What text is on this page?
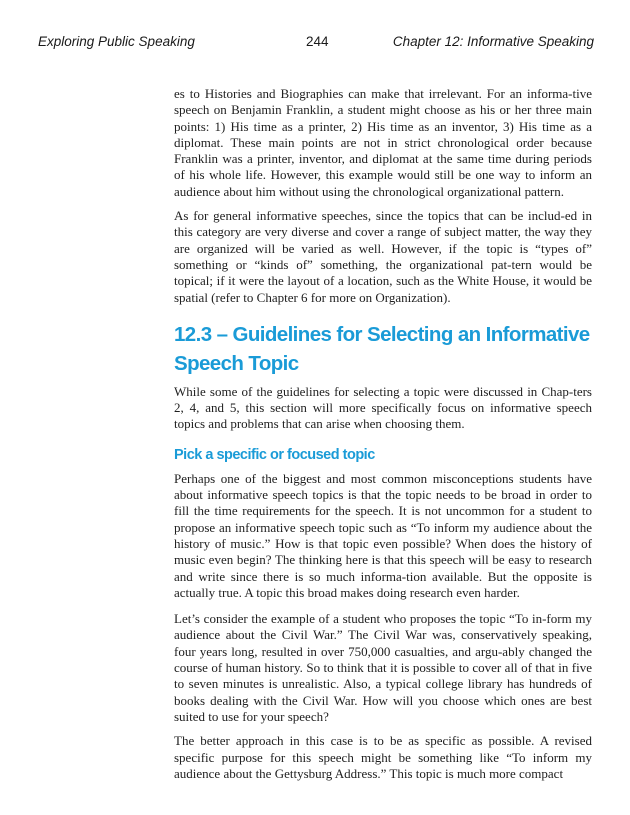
Exploring Public Speaking	244	Chapter 12: Informative Speaking

es to Histories and Biographies can make that irrelevant. For an informa-tive speech on Benjamin Franklin, a student might choose as his or her three main points: 1) His time as a printer, 2) His time as an inventor, 3) His time as a diplomat. These main points are not in strict chronological order because Franklin was a printer, inventor, and diplomat at the same time during periods of his whole life. However, this example would still be one way to inform an audience about him without using the chronological organizational pattern.

As for general informative speeches, since the topics that can be includ-ed in this category are very diverse and cover a range of subject matter, the way they are organized will be varied as well. However, if the topic is “types of” something or “kinds of” something, the organizational pat-tern would be topical; if it were the layout of a location, such as the White House, it would be spatial (refer to Chapter 6 for more on Organization).

12.3 – Guidelines for Selecting an Informative Speech Topic

While some of the guidelines for selecting a topic were discussed in Chap-ters 2, 4, and 5, this section will more specifically focus on informative speech topics and problems that can arise when choosing them.

Pick a specific or focused topic

Perhaps one of the biggest and most common misconceptions students have about informative speech topics is that the topic needs to be broad in order to fill the time requirements for the speech. It is not uncommon for a student to propose an informative speech topic such as “To inform my audience about the history of music.” How is that topic even possible? When does the history of music even begin? The thinking here is that this speech will be easy to research and write since there is so much informa-tion available. But the opposite is actually true. A topic this broad makes doing research even harder.

Let’s consider the example of a student who proposes the topic “To in-form my audience about the Civil War.” The Civil War was, conservatively speaking, four years long, resulted in over 750,000 casualties, and argu-ably changed the course of human history. So to think that it is possible to cover all of that in five to seven minutes is unrealistic. Also, a typical college library has hundreds of books dealing with the Civil War. How will you choose which ones are best suited to use for your speech?

The better approach in this case is to be as specific as possible. A revised specific purpose for this speech might be something like “To inform my audience about the Gettysburg Address.” This topic is much more compact
